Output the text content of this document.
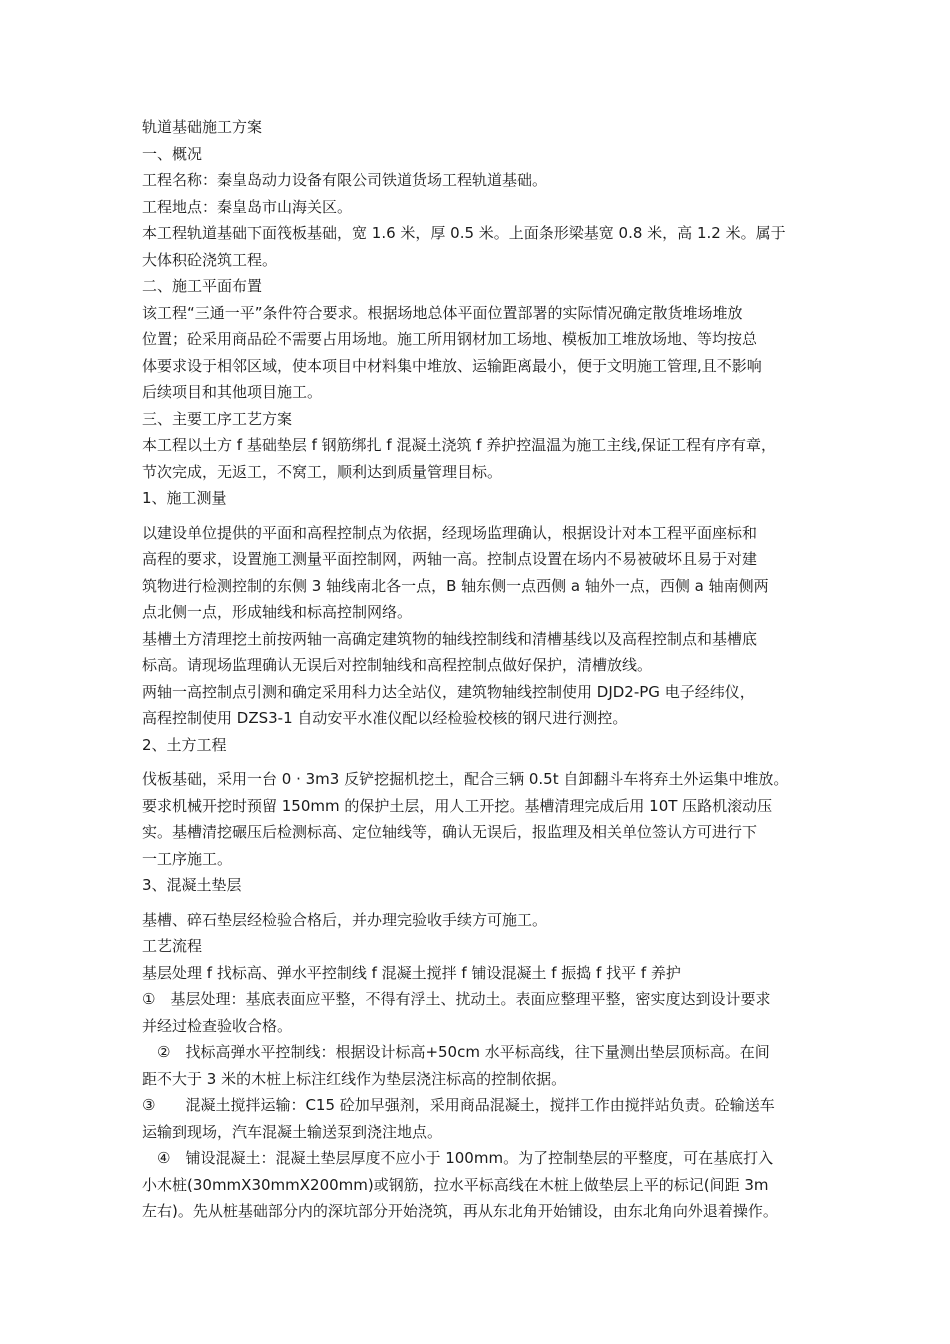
轨道基础施工方案
一、概况
工程名称：秦皇岛动力设备有限公司铁道货场工程轨道基础。
工程地点：秦皇岛市山海关区。
本工程轨道基础下面筏板基础，宽 1.6 米，厚 0.5 米。上面条形梁基宽 0.8 米，高 1.2 米。属于
大体积砼浇筑工程。
二、施工平面布置
该工程“三通一平”条件符合要求。根据场地总体平面位置部署的实际情况确定散货堆场堆放
位置；砼采用商品砼不需要占用场地。施工所用钢材加工场地、模板加工堆放场地、等均按总
体要求设于相邻区域，使本项目中材料集中堆放、运输距离最小，便于文明施工管理,且不影响
后续项目和其他项目施工。
三、主要工序工艺方案
本工程以土方 f 基础垫层 f 钢筋绑扎 f 混凝土浇筑 f 养护控温温为施工主线,保证工程有序有章，
节次完成，无返工，不窝工，顺利达到质量管理目标。
1、施工测量
以建设单位提供的平面和高程控制点为依据，经现场监理确认，根据设计对本工程平面座标和
高程的要求，设置施工测量平面控制网，两轴一高。控制点设置在场内不易被破坏且易于对建
筑物进行检测控制的东侧 3 轴线南北各一点，B 轴东侧一点西侧 a 轴外一点，西侧 a 轴南侧两
点北侧一点，形成轴线和标高控制网络。
基槽土方清理挖土前按两轴一高确定建筑物的轴线控制线和清槽基线以及高程控制点和基槽底
标高。请现场监理确认无误后对控制轴线和高程控制点做好保护，清槽放线。
两轴一高控制点引测和确定采用科力达全站仪，建筑物轴线控制使用 DJD2-PG 电子经纬仪，
高程控制使用 DZS3-1 自动安平水准仪配以经检验校核的钢尺进行测控。
2、土方工程
伐板基础，采用一台 0 · 3m3 反铲挖掘机挖土，配合三辆 0.5t 自卸翻斗车将弃土外运集中堆放。
要求机械开挖时预留 150mm 的保护土层，用人工开挖。基槽清理完成后用 10T 压路机滚动压
实。基槽清挖碾压后检测标高、定位轴线等，确认无误后，报监理及相关单位签认方可进行下
一工序施工。
3、混凝土垫层
基槽、碎石垫层经检验合格后，并办理完验收手续方可施工。
工艺流程
基层处理 f 找标高、弹水平控制线 f 混凝土搅拌 f 铺设混凝土 f 振捣 f 找平 f 养护
①　基层处理：基底表面应平整，不得有浮土、扰动土。表面应整理平整，密实度达到设计要求
并经过检查验收合格。
　②　找标高弹水平控制线：根据设计标高+50cm 水平标高线，往下量测出垫层顶标高。在间
距不大于 3 米的木桩上标注红线作为垫层浇注标高的控制依据。
③　　混凝土搅拌运输：C15 砼加早强剂，采用商品混凝土，搅拌工作由搅拌站负责。砼输送车
运输到现场，汽车混凝土输送泵到浇注地点。
　④　铺设混凝土：混凝土垫层厚度不应小于 100mm。为了控制垫层的平整度，可在基底打入
小木桩(30mmX30mmX200mm)或钢筋，拉水平标高线在木桩上做垫层上平的标记(间距 3m
左右)。先从桩基础部分内的深坑部分开始浇筑，再从东北角开始铺设，由东北角向外退着操作。
